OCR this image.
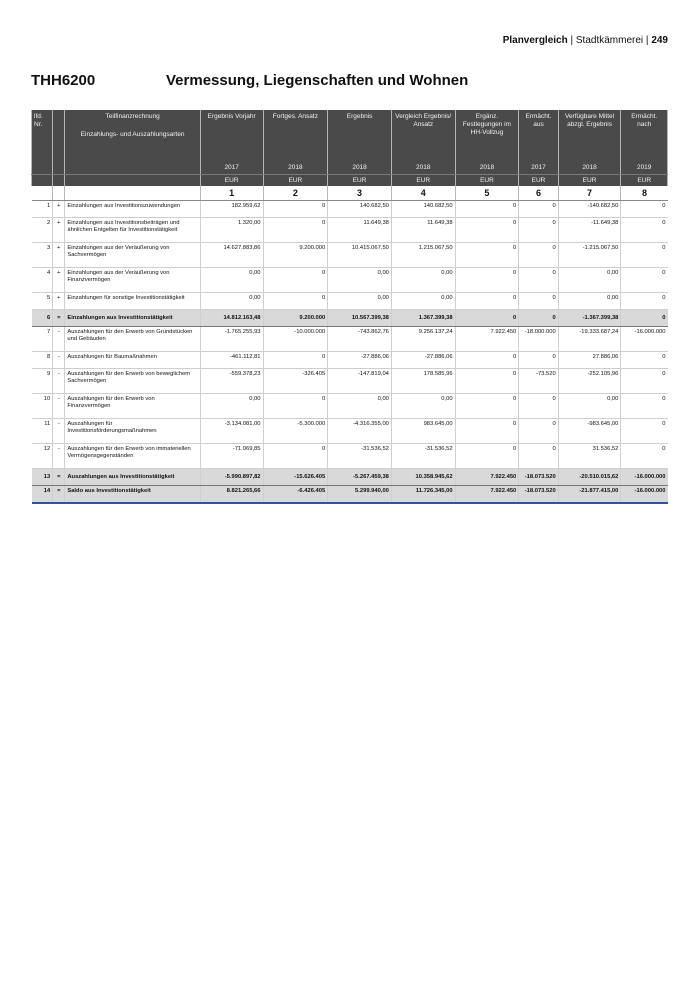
Planvergleich | Stadtkämmerei | 249
THH6200	Vermessung, Liegenschaften und Wohnen
lfd. Nr.		Teilfinanzrechnung
Einzahlungs- und Auszahlungsarten	Ergebnis Vorjahr	Fortges. Ansatz	Ergebnis	Vergleich Ergebnis/ Ansatz	Ergänz. Festlegungen im HH-Vollzug	Ermächt. aus	Verfügbare Mittel abzgl. Ergebnis	Ermächt. nach
			2017	2018	2018	2018	2018	2017	2018	2019
			EUR	EUR	EUR	EUR	EUR	EUR	EUR	EUR
			1	2	3	4	5	6	7	8
1	+	Einzahlungen aus Investitionszuwendungen	182.959,62	0	140.682,50	140.682,50	0	0	-140.682,50	0
2	+	Einzahlungen aus Investitionsbeiträgen und ähnlichen Entgelten für Investitionstätigkeit	1.320,00	0	11.649,38	11.649,38	0	0	-11.649,38	0
3	+	Einzahlungen aus der Veräußerung von Sachvermögen	14.627.883,86	9.200.000	10.415.067,50	1.215.067,50	0	0	-1.215.067,50	0
4	+	Einzahlungen aus der Veräußerung von Finanzvermögen	0,00	0	0,00	0,00	0	0	0,00	0
5	+	Einzahlungen für sonstige Investitionstätigkeit	0,00	0	0,00	0,00	0	0	0,00	0
6	=	Einzahlungen aus Investitionstätigkeit	14.812.163,48	9.200.000	10.567.399,38	1.367.399,38	0	0	-1.367.399,38	0
7	-	Auszahlungen für den Erwerb von Grundstücken und Gebäuden	-1.765.255,93	-10.000.000	-743.862,76	9.256.137,24	7.922.450	-18.000.000	-19.333.687,24	-16.000.000
8	-	Auszahlungen für Baumaßnahmen	-461.112,81	0	-27.886,06	-27.886,06	0	0	27.886,06	0
9	-	Auszahlungen für den Erwerb von beweglichem Sachvermögen	-559.378,23	-326.405	-147.819,04	178.585,96	0	-73.520	-252.105,96	0
10	-	Auszahlungen für den Erwerb von Finanzvermögen	0,00	0	0,00	0,00	0	0	0,00	0
11	-	Auszahlungen für Investitionsförderungsmaßnahmen	-3.134.081,00	-5.300.000	-4.316.355,00	983.645,00	0	0	-983.645,00	0
12	-	Auszahlungen für den Erwerb von immateriellen Vermögensgegenständen	-71.069,85	0	-31.536,52	-31.536,52	0	0	31.536,52	0
13	=	Auszahlungen aus Investitionstätigkeit	-5.990.897,82	-15.626.405	-5.267.459,38	10.358.945,62	7.922.450	-18.073.520	-20.510.015,62	-16.000.000
14	=	Saldo aus Investitionstätigkeit	8.821.265,66	-6.426.405	5.299.940,00	11.726.345,00	7.922.450	-18.073.520	-21.877.415,00	-16.000.000
